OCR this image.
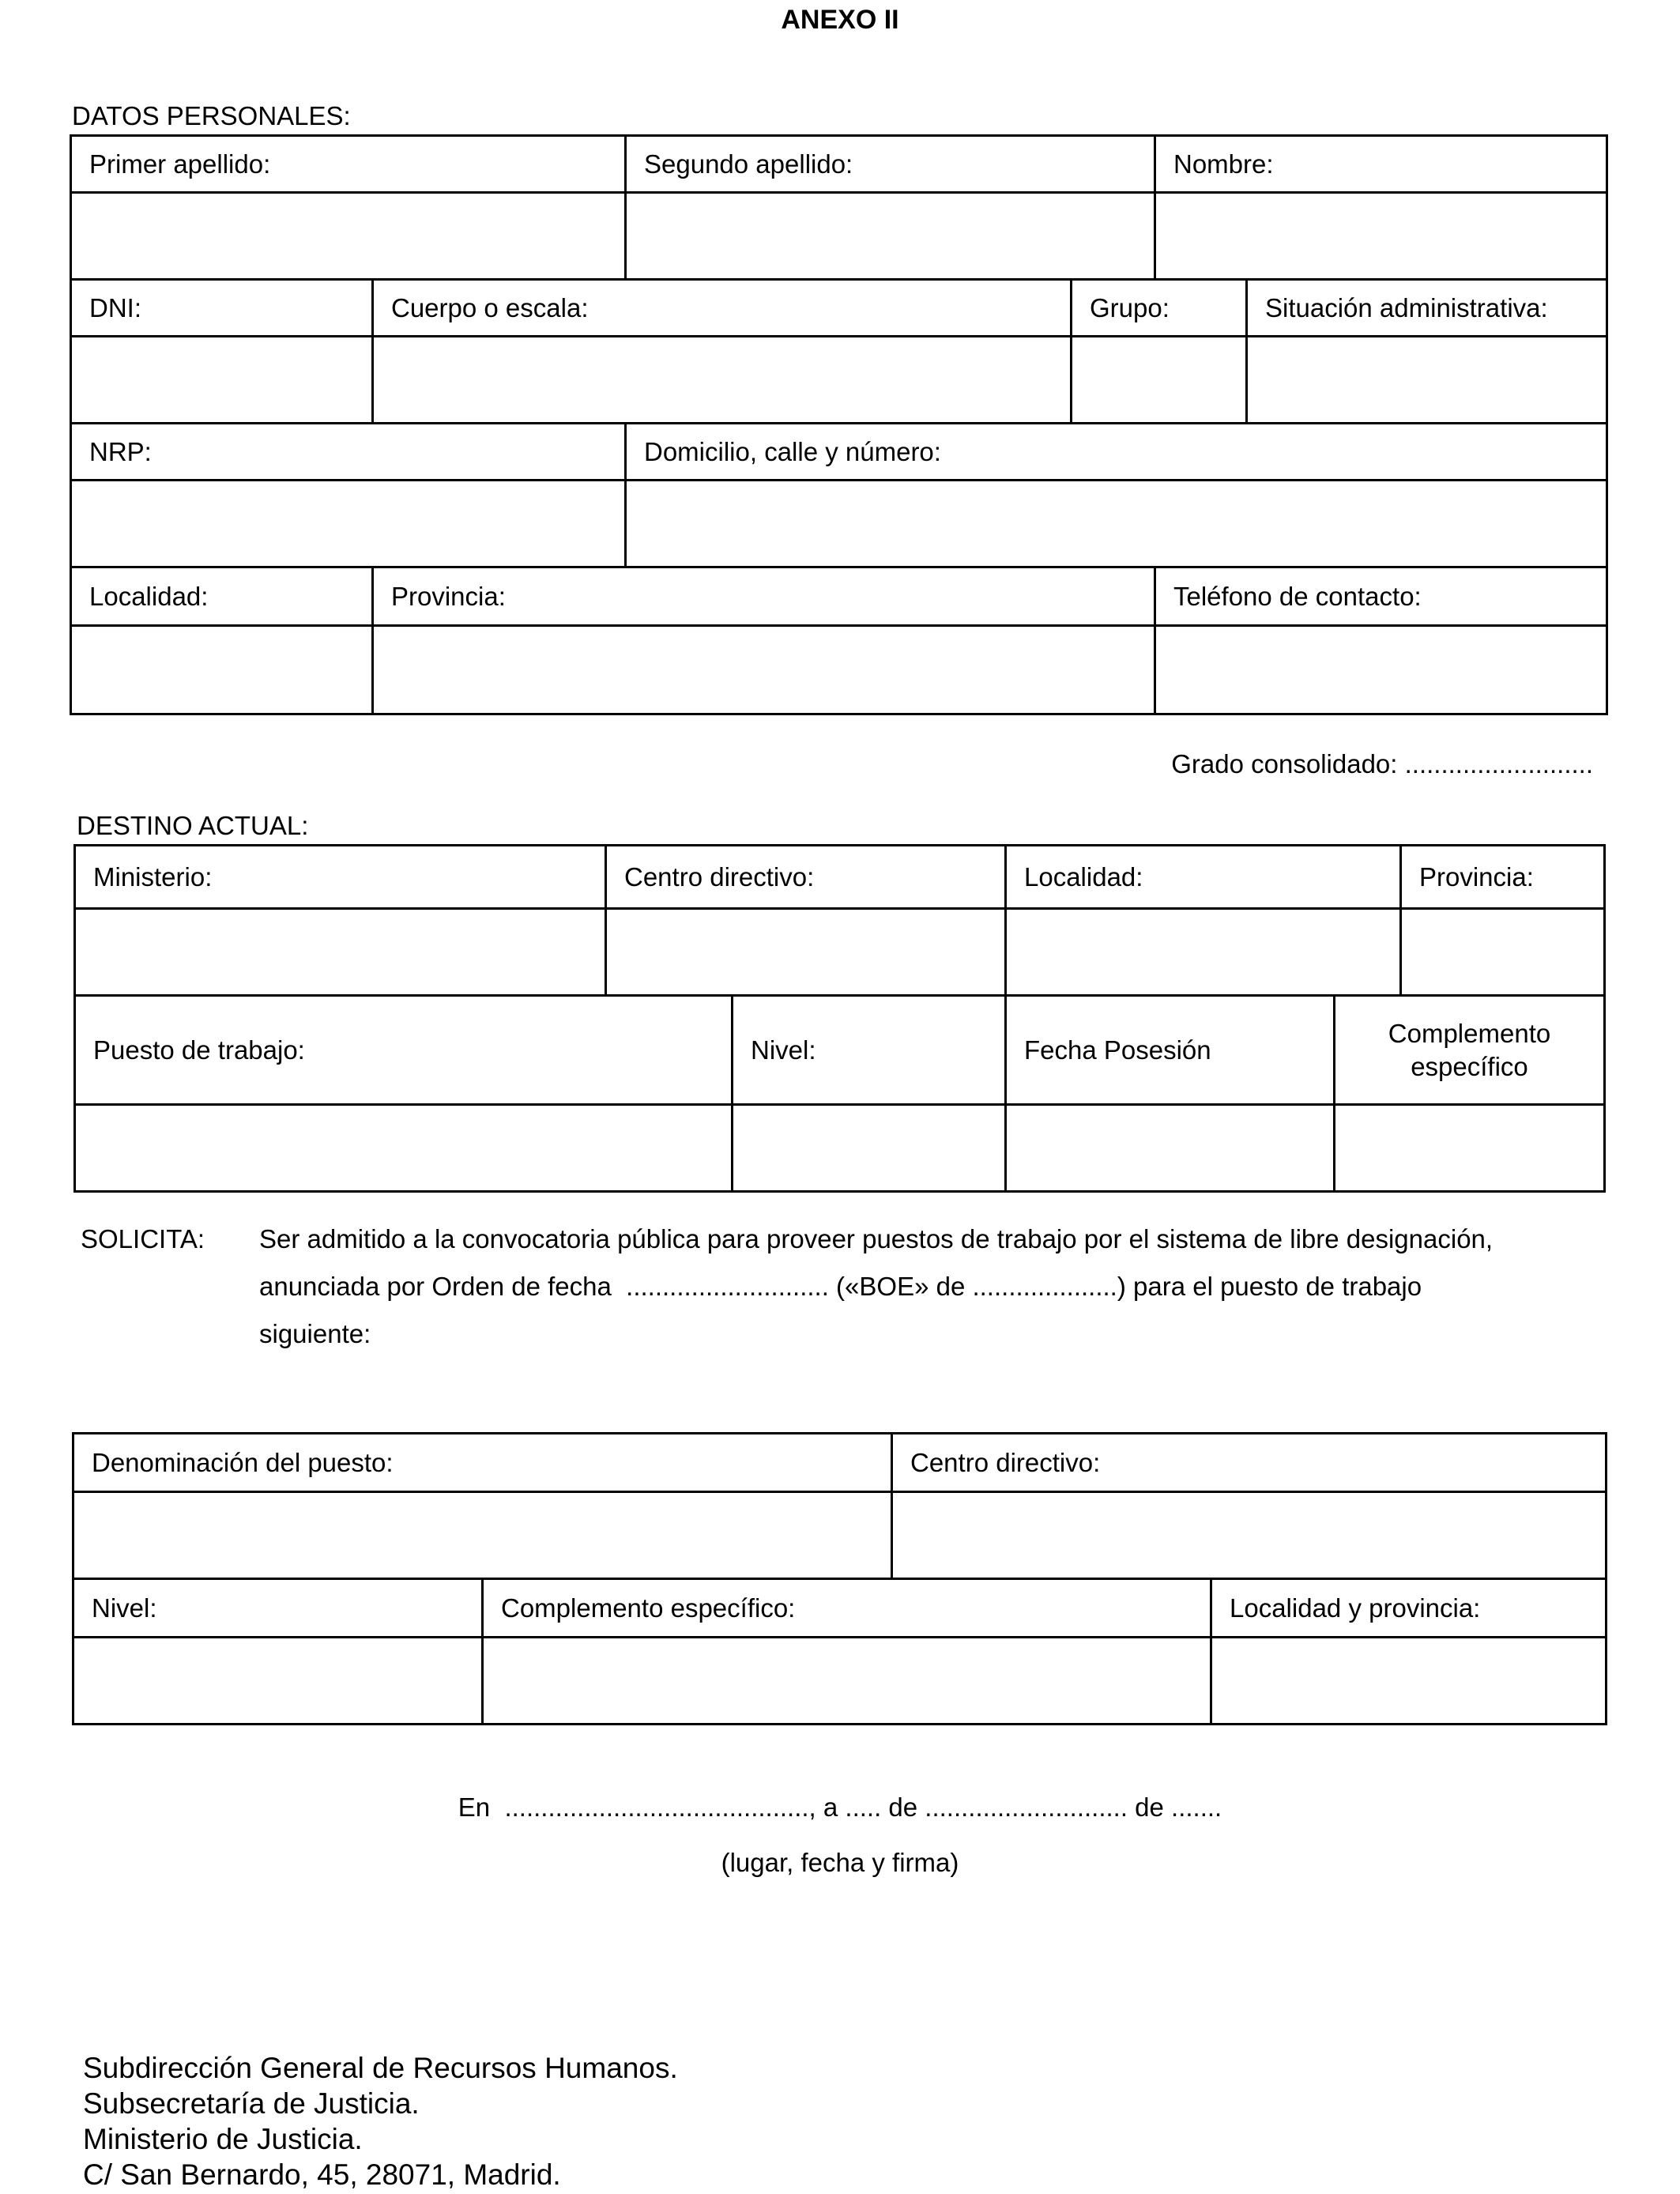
ANEXO II
DATOS PERSONALES:
Primer apellido:	Segundo apellido:	Nombre:

DNI:	Cuerpo o escala:	Grupo:	Situación administrativa:

NRP:	Domicilio, calle y número:

Localidad:	Provincia:	Teléfono de contacto:

Grado consolidado: ..........................
DESTINO ACTUAL:
Ministerio:	Centro directivo:	Localidad:	Provincia:

Puesto de trabajo:	Nivel:	Fecha Posesión	Complemento específico

SOLICITA: Ser admitido a la convocatoria pública para proveer puestos de trabajo por el sistema de libre designación,
anunciada por Orden de fecha  ............................ («BOE» de ....................) para el puesto de trabajo
siguiente:
Denominación del puesto:	Centro directivo:

Nivel:	Complemento específico:	Localidad y provincia:

En  .........................................., a ..... de ............................ de .......
(lugar, fecha y firma)
Subdirección General de Recursos Humanos.
Subsecretaría de Justicia.
Ministerio de Justicia.
C/ San Bernardo, 45, 28071, Madrid.
